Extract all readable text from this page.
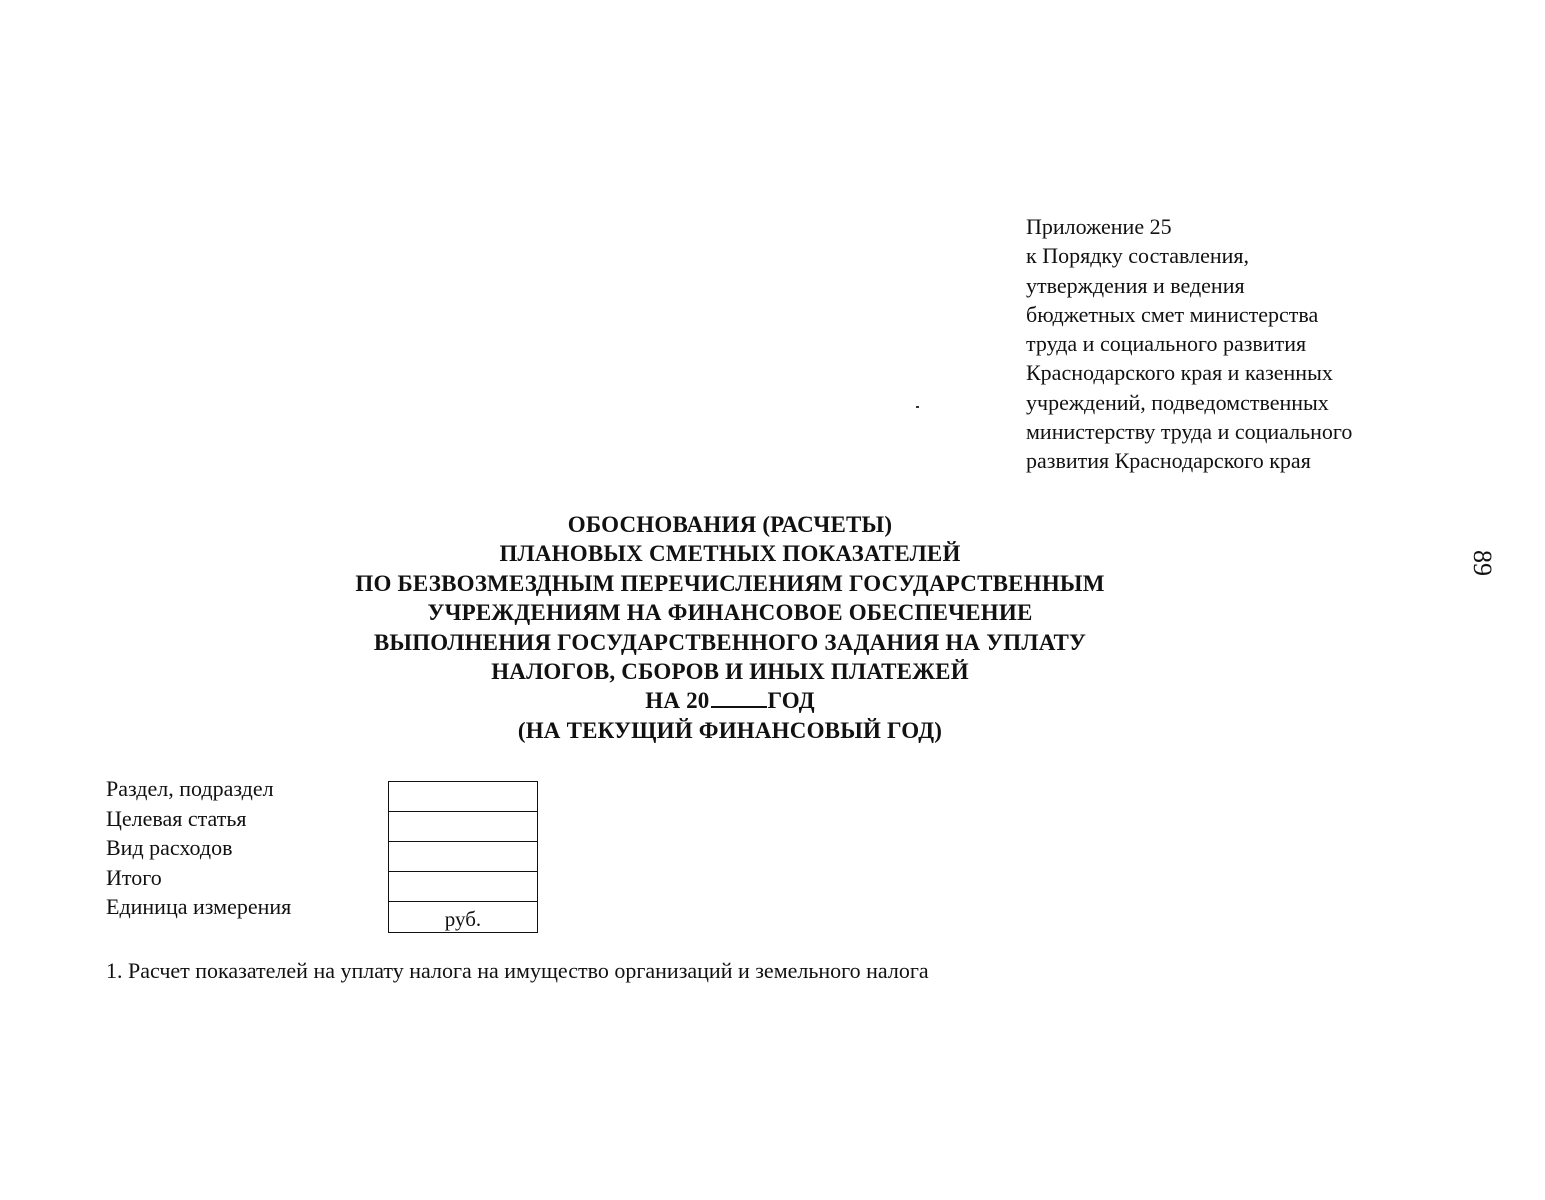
Приложение 25
к Порядку составления,
утверждения и ведения
бюджетных смет министерства
труда и социального развития
Краснодарского края и казенных
учреждений, подведомственных
министерству труда и социального
развития Краснодарского края
89
ОБОСНОВАНИЯ (РАСЧЕТЫ)
ПЛАНОВЫХ СМЕТНЫХ ПОКАЗАТЕЛЕЙ
ПО БЕЗВОЗМЕЗДНЫМ ПЕРЕЧИСЛЕНИЯМ ГОСУДАРСТВЕННЫМ
УЧРЕЖДЕНИЯМ НА ФИНАНСОВОЕ ОБЕСПЕЧЕНИЕ
ВЫПОЛНЕНИЯ ГОСУДАРСТВЕННОГО ЗАДАНИЯ НА УПЛАТУ
НАЛОГОВ, СБОРОВ И ИНЫХ ПЛАТЕЖЕЙ
НА 20	ГОД
(НА ТЕКУЩИЙ ФИНАНСОВЫЙ ГОД)
Раздел, подраздел
Целевая статья
Вид расходов
Итого
Единица измерения	руб.
1. Расчет показателей на уплату налога на имущество организаций и земельного налога
